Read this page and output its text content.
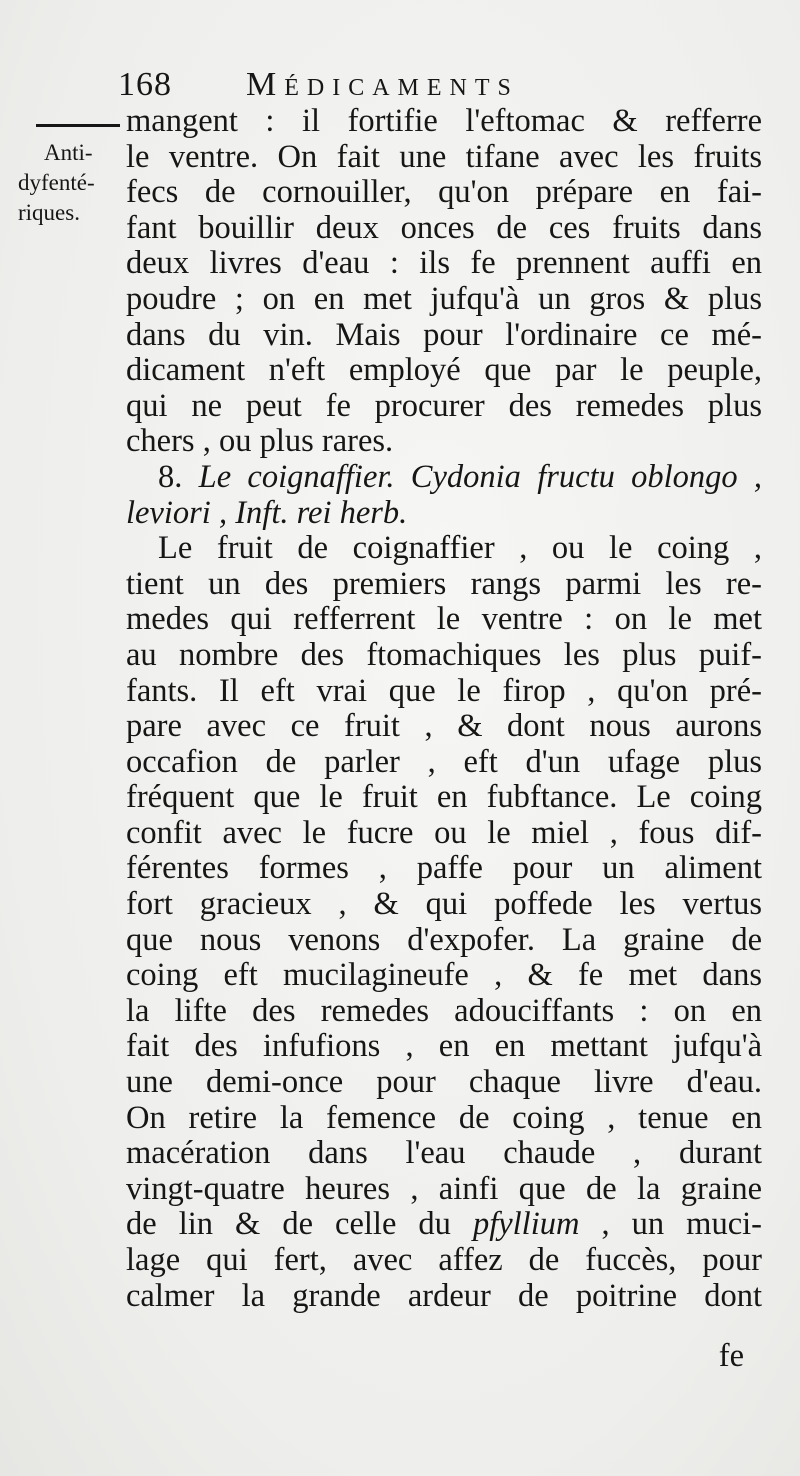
168 Médicaments
Anti-
dyfenté-
riques.
mangent : il fortifie l'eftomac & refferre
le ventre. On fait une tifane avec les fruits
fecs de cornouiller, qu'on prépare en fai-
fant bouillir deux onces de ces fruits dans
deux livres d'eau : ils fe prennent auffi en
poudre ; on en met jufqu'à un gros & plus
dans du vin. Mais pour l'ordinaire ce mé-
dicament n'eft employé que par le peuple,
qui ne peut fe procurer des remedes plus
chers , ou plus rares.
8. Le coignaffier. Cydonia fructu oblongo ,
leviori , Inft. rei herb.
Le fruit de coignaffier , ou le coing ,
tient un des premiers rangs parmi les re-
medes qui refferrent le ventre : on le met
au nombre des ftomachiques les plus puif-
fants. Il eft vrai que le firop , qu'on pré-
pare avec ce fruit , & dont nous aurons
occafion de parler , eft d'un ufage plus
fréquent que le fruit en fubftance. Le coing
confit avec le fucre ou le miel , fous dif-
férentes formes , paffe pour un aliment
fort gracieux , & qui poffede les vertus
que nous venons d'expofer. La graine de
coing eft mucilagineufe , & fe met dans
la lifte des remedes adouciffants : on en
fait des infufions , en en mettant jufqu'à
une demi-once pour chaque livre d'eau.
On retire la femence de coing , tenue en
macération dans l'eau chaude , durant
vingt-quatre heures , ainfi que de la graine
de lin & de celle du pfyllium , un muci-
lage qui fert, avec affez de fuccès, pour
calmer la grande ardeur de poitrine dont
fe
